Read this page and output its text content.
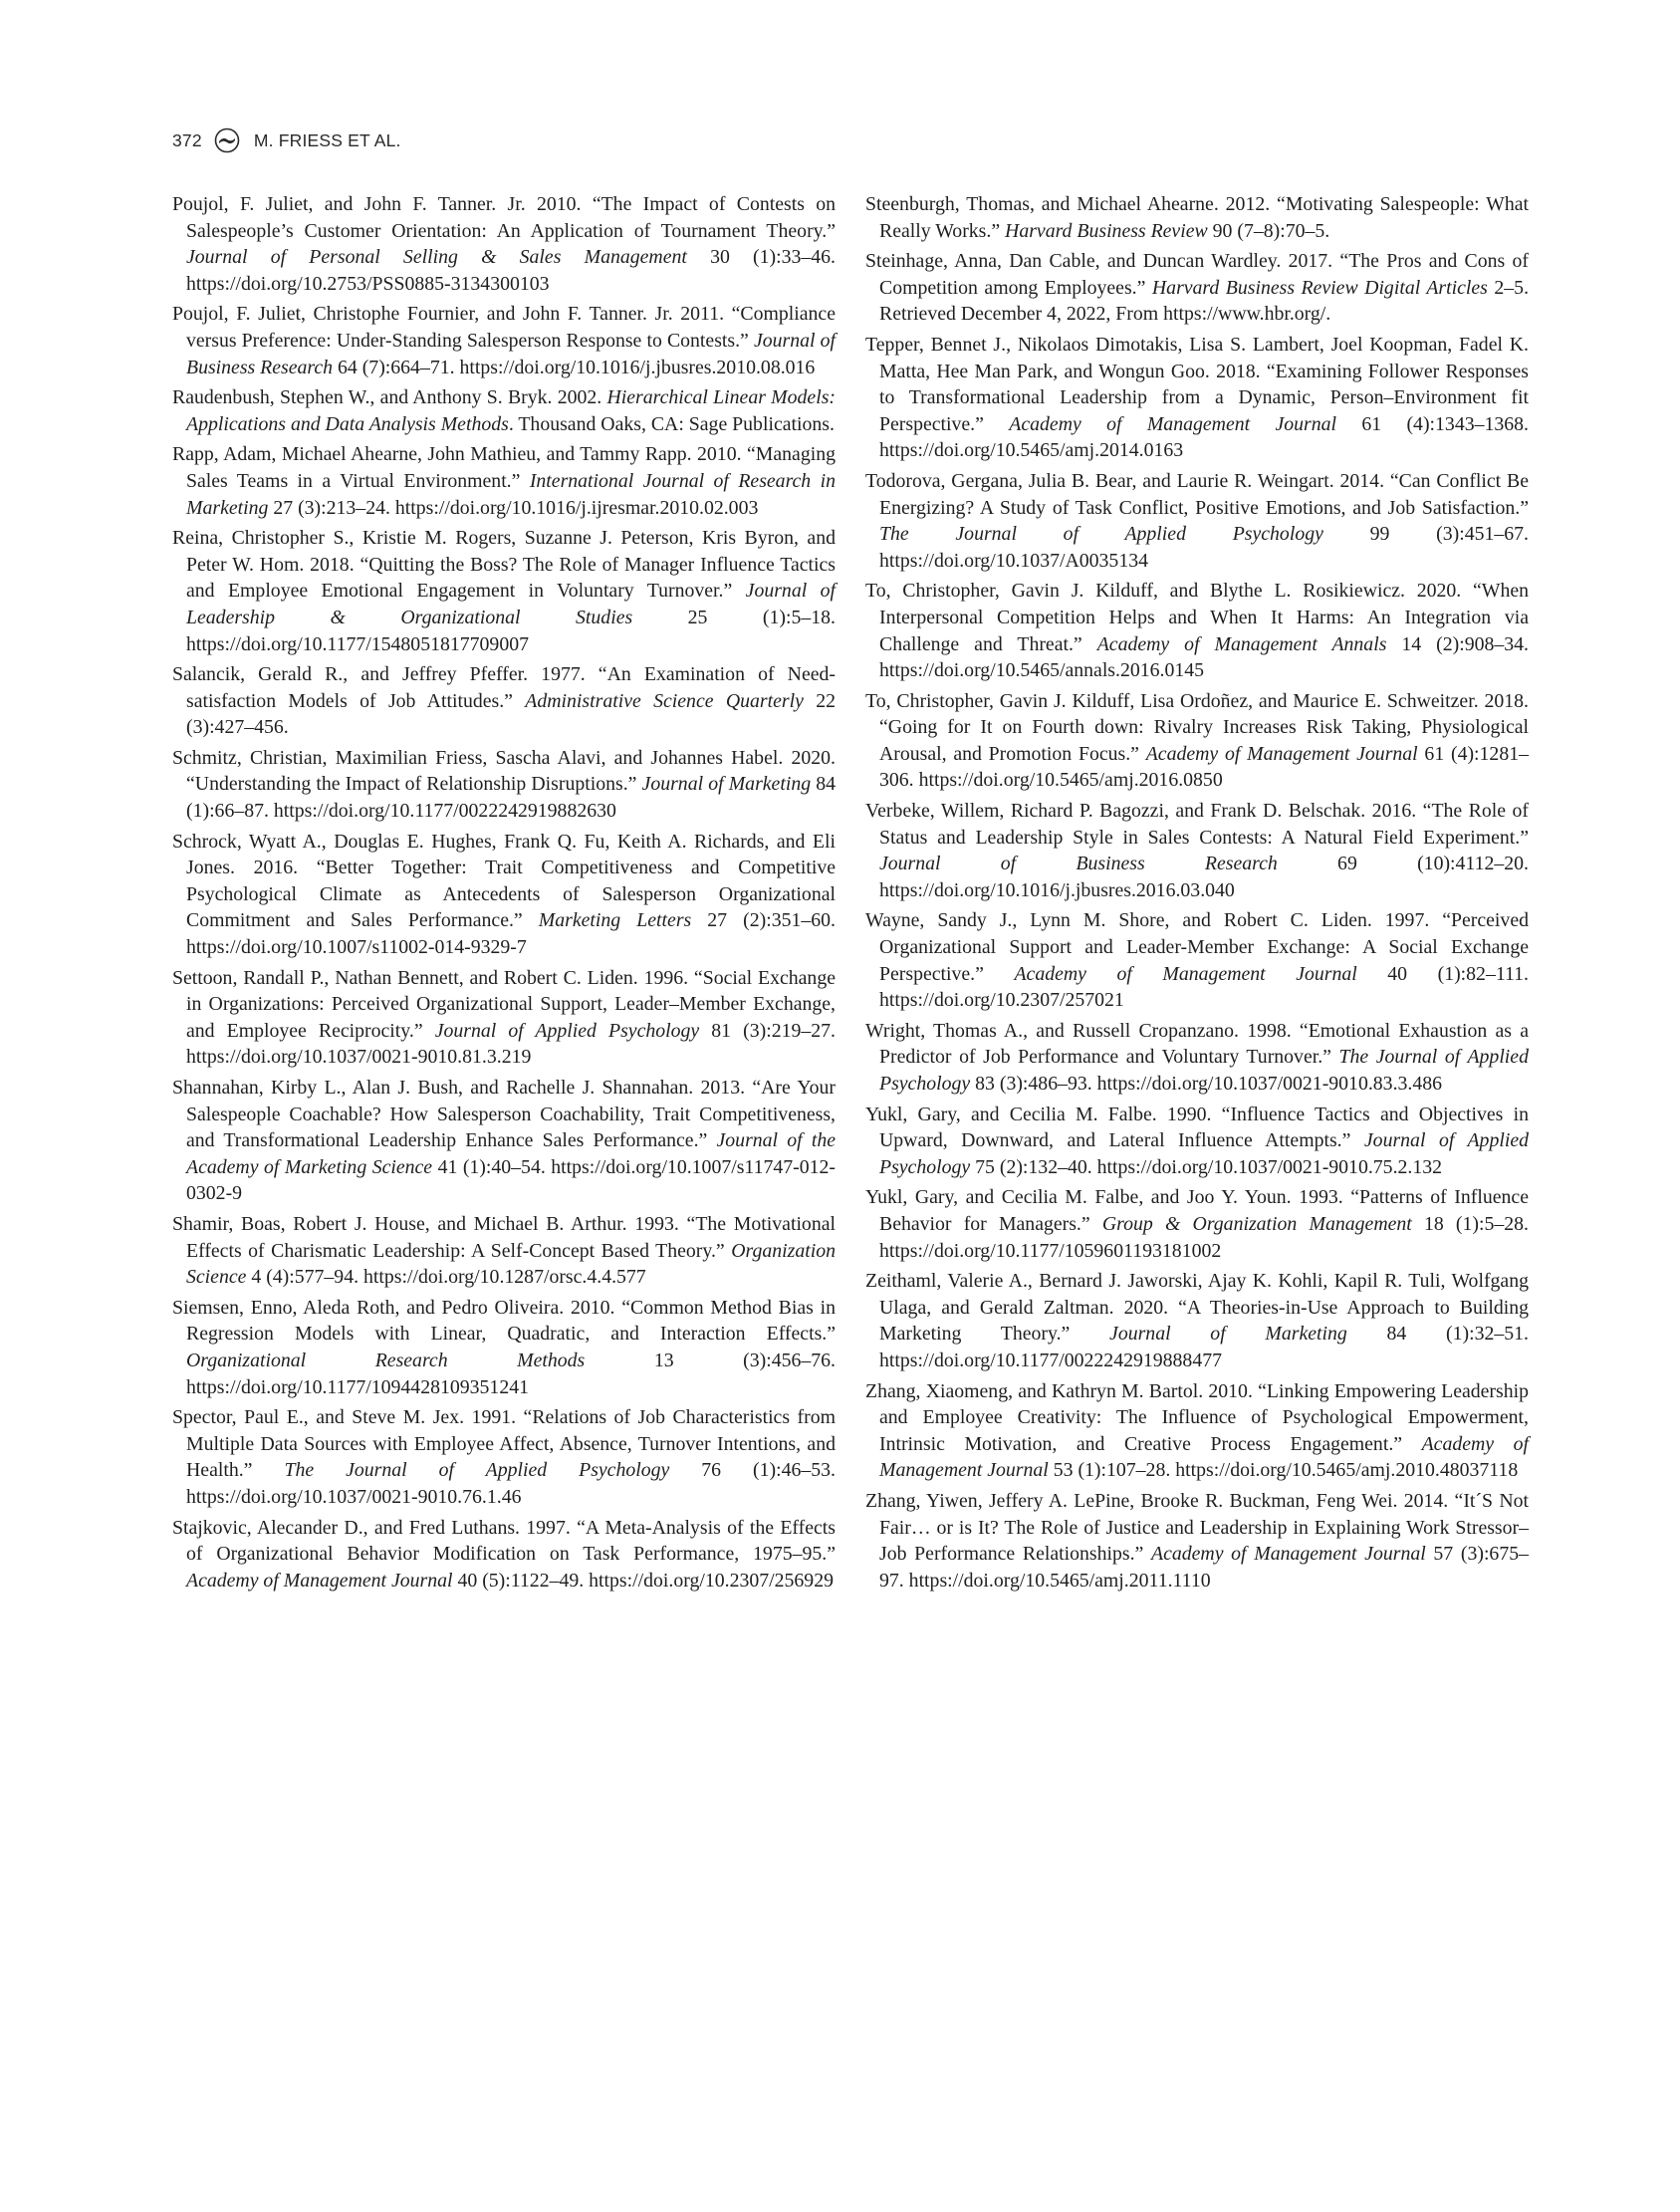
372	M. FRIESS ET AL.

Poujol, F. Juliet, and John F. Tanner. Jr. 2010. “The Impact of Contests on Salespeople’s Customer Orientation: An Application of Tournament Theory.” Journal of Personal Selling & Sales Management 30 (1):33–46. https://doi.org/10.2753/PSS0885-3134300103

Poujol, F. Juliet, Christophe Fournier, and John F. Tanner. Jr. 2011. “Compliance versus Preference: Under-Standing Salesperson Response to Contests.” Journal of Business Research 64 (7):664–71. https://doi.org/10.1016/j.jbusres.2010.08.016

Raudenbush, Stephen W., and Anthony S. Bryk. 2002. Hierarchical Linear Models: Applications and Data Analysis Methods. Thousand Oaks, CA: Sage Publications.

Rapp, Adam, Michael Ahearne, John Mathieu, and Tammy Rapp. 2010. “Managing Sales Teams in a Virtual Environment.” International Journal of Research in Marketing 27 (3):213–24. https://doi.org/10.1016/j.ijresmar.2010.02.003

Reina, Christopher S., Kristie M. Rogers, Suzanne J. Peterson, Kris Byron, and Peter W. Hom. 2018. “Quitting the Boss? The Role of Manager Influence Tactics and Employee Emotional Engagement in Voluntary Turnover.” Journal of Leadership & Organizational Studies 25 (1):5–18. https://doi.org/10.1177/1548051817709007

Salancik, Gerald R., and Jeffrey Pfeffer. 1977. “An Examination of Need-satisfaction Models of Job Attitudes.” Administrative Science Quarterly 22 (3):427–456.

Schmitz, Christian, Maximilian Friess, Sascha Alavi, and Johannes Habel. 2020. “Understanding the Impact of Relationship Disruptions.” Journal of Marketing 84 (1):66–87. https://doi.org/10.1177/0022242919882630

Schrock, Wyatt A., Douglas E. Hughes, Frank Q. Fu, Keith A. Richards, and Eli Jones. 2016. “Better Together: Trait Competitiveness and Competitive Psychological Climate as Antecedents of Salesperson Organizational Commitment and Sales Performance.” Marketing Letters 27 (2):351–60. https://doi.org/10.1007/s11002-014-9329-7

Settoon, Randall P., Nathan Bennett, and Robert C. Liden. 1996. “Social Exchange in Organizations: Perceived Organizational Support, Leader–Member Exchange, and Employee Reciprocity.” Journal of Applied Psychology 81 (3):219–27. https://doi.org/10.1037/0021-9010.81.3.219

Shannahan, Kirby L., Alan J. Bush, and Rachelle J. Shannahan. 2013. “Are Your Salespeople Coachable? How Salesperson Coachability, Trait Competitiveness, and Transformational Leadership Enhance Sales Performance.” Journal of the Academy of Marketing Science 41 (1):40–54. https://doi.org/10.1007/s11747-012-0302-9

Shamir, Boas, Robert J. House, and Michael B. Arthur. 1993. “The Motivational Effects of Charismatic Leadership: A Self-Concept Based Theory.” Organization Science 4 (4):577–94. https://doi.org/10.1287/orsc.4.4.577

Siemsen, Enno, Aleda Roth, and Pedro Oliveira. 2010. “Common Method Bias in Regression Models with Linear, Quadratic, and Interaction Effects.” Organizational Research Methods 13 (3):456–76. https://doi.org/10.1177/1094428109351241

Spector, Paul E., and Steve M. Jex. 1991. “Relations of Job Characteristics from Multiple Data Sources with Employee Affect, Absence, Turnover Intentions, and Health.” The Journal of Applied Psychology 76 (1):46–53. https://doi.org/10.1037/0021-9010.76.1.46

Stajkovic, Alecander D., and Fred Luthans. 1997. “A Meta-Analysis of the Effects of Organizational Behavior Modification on Task Performance, 1975–95.” Academy of Management Journal 40 (5):1122–49. https://doi.org/10.2307/256929

Steenburgh, Thomas, and Michael Ahearne. 2012. “Motivating Salespeople: What Really Works.” Harvard Business Review 90 (7–8):70–5.

Steinhage, Anna, Dan Cable, and Duncan Wardley. 2017. “The Pros and Cons of Competition among Employees.” Harvard Business Review Digital Articles 2–5. Retrieved December 4, 2022, From https://www.hbr.org/.

Tepper, Bennet J., Nikolaos Dimotakis, Lisa S. Lambert, Joel Koopman, Fadel K. Matta, Hee Man Park, and Wongun Goo. 2018. “Examining Follower Responses to Transformational Leadership from a Dynamic, Person–Environment fit Perspective.” Academy of Management Journal 61 (4):1343–1368. https://doi.org/10.5465/amj.2014.0163

Todorova, Gergana, Julia B. Bear, and Laurie R. Weingart. 2014. “Can Conflict Be Energizing? A Study of Task Conflict, Positive Emotions, and Job Satisfaction.” The Journal of Applied Psychology 99 (3):451–67. https://doi.org/10.1037/A0035134

To, Christopher, Gavin J. Kilduff, and Blythe L. Rosikiewicz. 2020. “When Interpersonal Competition Helps and When It Harms: An Integration via Challenge and Threat.” Academy of Management Annals 14 (2):908–34. https://doi.org/10.5465/annals.2016.0145

To, Christopher, Gavin J. Kilduff, Lisa Ordoñez, and Maurice E. Schweitzer. 2018. “Going for It on Fourth down: Rivalry Increases Risk Taking, Physiological Arousal, and Promotion Focus.” Academy of Management Journal 61 (4):1281–306. https://doi.org/10.5465/amj.2016.0850

Verbeke, Willem, Richard P. Bagozzi, and Frank D. Belschak. 2016. “The Role of Status and Leadership Style in Sales Contests: A Natural Field Experiment.” Journal of Business Research 69 (10):4112–20. https://doi.org/10.1016/j.jbusres.2016.03.040

Wayne, Sandy J., Lynn M. Shore, and Robert C. Liden. 1997. “Perceived Organizational Support and Leader-Member Exchange: A Social Exchange Perspective.” Academy of Management Journal 40 (1):82–111. https://doi.org/10.2307/257021

Wright, Thomas A., and Russell Cropanzano. 1998. “Emotional Exhaustion as a Predictor of Job Performance and Voluntary Turnover.” The Journal of Applied Psychology 83 (3):486–93. https://doi.org/10.1037/0021-9010.83.3.486

Yukl, Gary, and Cecilia M. Falbe. 1990. “Influence Tactics and Objectives in Upward, Downward, and Lateral Influence Attempts.” Journal of Applied Psychology 75 (2):132–40. https://doi.org/10.1037/0021-9010.75.2.132

Yukl, Gary, and Cecilia M. Falbe, and Joo Y. Youn. 1993. “Patterns of Influence Behavior for Managers.” Group & Organization Management 18 (1):5–28. https://doi.org/10.1177/1059601193181002

Zeithaml, Valerie A., Bernard J. Jaworski, Ajay K. Kohli, Kapil R. Tuli, Wolfgang Ulaga, and Gerald Zaltman. 2020. “A Theories-in-Use Approach to Building Marketing Theory.” Journal of Marketing 84 (1):32–51. https://doi.org/10.1177/0022242919888477

Zhang, Xiaomeng, and Kathryn M. Bartol. 2010. “Linking Empowering Leadership and Employee Creativity: The Influence of Psychological Empowerment, Intrinsic Motivation, and Creative Process Engagement.” Academy of Management Journal 53 (1):107–28. https://doi.org/10.5465/amj.2010.48037118

Zhang, Yiwen, Jeffery A. LePine, Brooke R. Buckman, Feng Wei. 2014. “It´S Not Fair… or is It? The Role of Justice and Leadership in Explaining Work Stressor–Job Performance Relationships.” Academy of Management Journal 57 (3):675–97. https://doi.org/10.5465/amj.2011.1110
